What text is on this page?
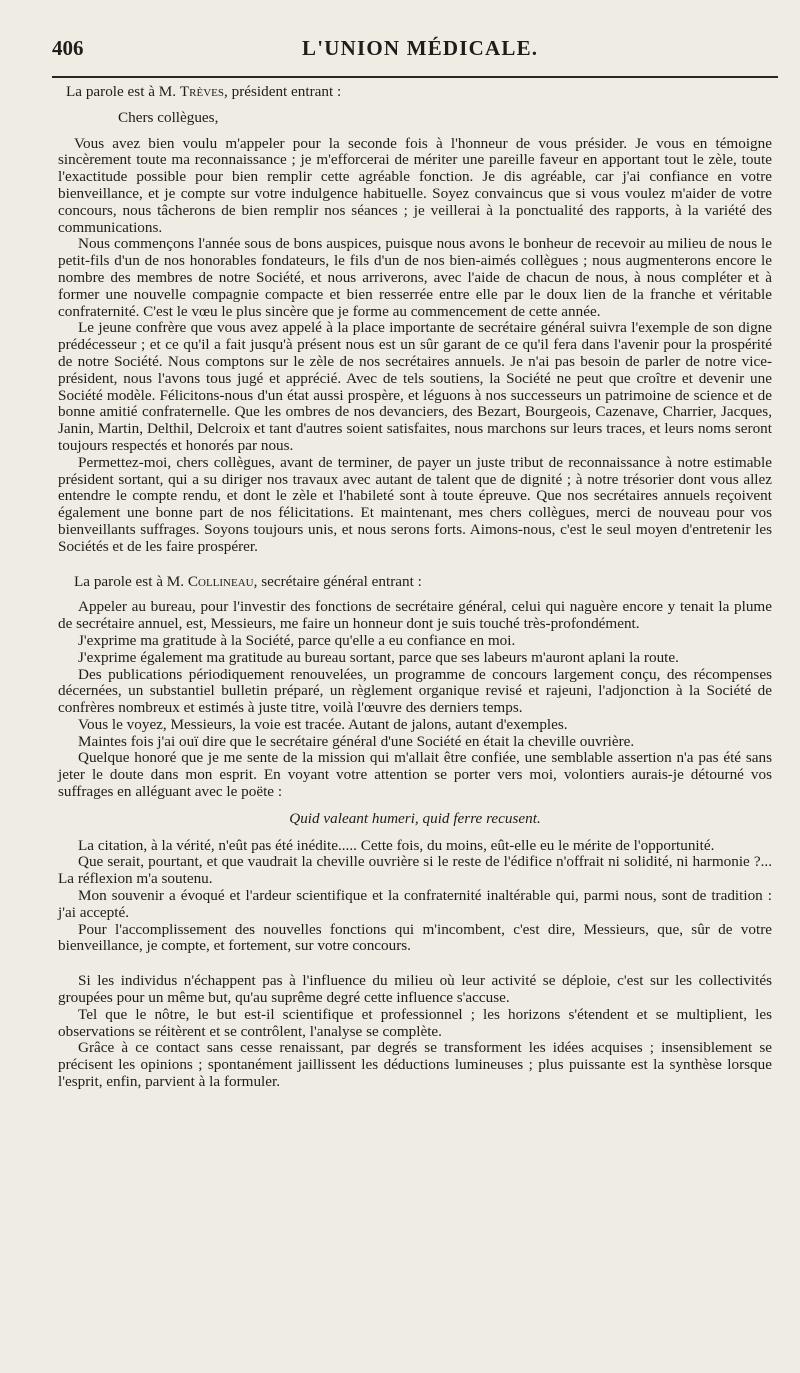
406	L'UNION MÉDICALE.

La parole est à M. Trèves, président entrant :

Chers collègues,

Vous avez bien voulu m'appeler pour la seconde fois à l'honneur de vous présider. Je vous en témoigne sincèrement toute ma reconnaissance ; je m'efforcerai de mériter une pareille faveur en apportant tout le zèle, toute l'exactitude possible pour bien remplir cette agréable fonction. Je dis agréable, car j'ai confiance en votre bienveillance, et je compte sur votre indulgence habituelle. Soyez convaincus que si vous voulez m'aider de votre concours, nous tâcherons de bien remplir nos séances ; je veillerai à la ponctualité des rapports, à la variété des communications.

Nous commençons l'année sous de bons auspices, puisque nous avons le bonheur de recevoir au milieu de nous le petit-fils d'un de nos honorables fondateurs, le fils d'un de nos bien-aimés collègues ; nous augmenterons encore le nombre des membres de notre Société, et nous arriverons, avec l'aide de chacun de nous, à nous compléter et à former une nouvelle compagnie compacte et bien resserrée entre elle par le doux lien de la franche et véritable confraternité. C'est le vœu le plus sincère que je forme au commencement de cette année.

Le jeune confrère que vous avez appelé à la place importante de secrétaire général suivra l'exemple de son digne prédécesseur ; et ce qu'il a fait jusqu'à présent nous est un sûr garant de ce qu'il fera dans l'avenir pour la prospérité de notre Société. Nous comptons sur le zèle de nos secrétaires annuels. Je n'ai pas besoin de parler de notre vice-président, nous l'avons tous jugé et apprécié. Avec de tels soutiens, la Société ne peut que croître et devenir une Société modèle. Félicitons-nous d'un état aussi prospère, et léguons à nos successeurs un patrimoine de science et de bonne amitié confraternelle. Que les ombres de nos devanciers, des Bezart, Bourgeois, Cazenave, Charrier, Jacques, Janin, Martin, Delthil, Delcroix et tant d'autres soient satisfaites, nous marchons sur leurs traces, et leurs noms seront toujours respectés et honorés par nous.

Permettez-moi, chers collègues, avant de terminer, de payer un juste tribut de reconnaissance à notre estimable président sortant, qui a su diriger nos travaux avec autant de talent que de dignité ; à notre trésorier dont vous allez entendre le compte rendu, et dont le zèle et l'habileté sont à toute épreuve. Que nos secrétaires annuels reçoivent également une bonne part de nos félicitations. Et maintenant, mes chers collègues, merci de nouveau pour vos bienveillants suffrages. Soyons toujours unis, et nous serons forts. Aimons-nous, c'est le seul moyen d'entretenir les Sociétés et de les faire prospérer.

La parole est à M. Collineau, secrétaire général entrant :

Appeler au bureau, pour l'investir des fonctions de secrétaire général, celui qui naguère encore y tenait la plume de secrétaire annuel, est, Messieurs, me faire un honneur dont je suis touché très-profondément.

J'exprime ma gratitude à la Société, parce qu'elle a eu confiance en moi.

J'exprime également ma gratitude au bureau sortant, parce que ses labeurs m'auront aplani la route.

Des publications périodiquement renouvelées, un programme de concours largement conçu, des récompenses décernées, un substantiel bulletin préparé, un règlement organique revisé et rajeuni, l'adjonction à la Société de confrères nombreux et estimés à juste titre, voilà l'œuvre des derniers temps.

Vous le voyez, Messieurs, la voie est tracée. Autant de jalons, autant d'exemples.

Maintes fois j'ai ouï dire que le secrétaire général d'une Société en était la cheville ouvrière.

Quelque honoré que je me sente de la mission qui m'allait être confiée, une semblable assertion n'a pas été sans jeter le doute dans mon esprit. En voyant votre attention se porter vers moi, volontiers aurais-je détourné vos suffrages en alléguant avec le poëte :

Quid valeant humeri, quid ferre recusent.

La citation, à la vérité, n'eût pas été inédite..... Cette fois, du moins, eût-elle eu le mérite de l'opportunité.

Que serait, pourtant, et que vaudrait la cheville ouvrière si le reste de l'édifice n'offrait ni solidité, ni harmonie ?... La réflexion m'a soutenu.

Mon souvenir a évoqué et l'ardeur scientifique et la confraternité inaltérable qui, parmi nous, sont de tradition : j'ai accepté.

Pour l'accomplissement des nouvelles fonctions qui m'incombent, c'est dire, Messieurs, que, sûr de votre bienveillance, je compte, et fortement, sur votre concours.

Si les individus n'échappent pas à l'influence du milieu où leur activité se déploie, c'est sur les collectivités groupées pour un même but, qu'au suprême degré cette influence s'accuse.

Tel que le nôtre, le but est-il scientifique et professionnel ; les horizons s'étendent et se multiplient, les observations se réitèrent et se contrôlent, l'analyse se complète.

Grâce à ce contact sans cesse renaissant, par degrés se transforment les idées acquises ; insensiblement se précisent les opinions ; spontanément jaillissent les déductions lumineuses ; plus puissante est la synthèse lorsque l'esprit, enfin, parvient à la formuler.
